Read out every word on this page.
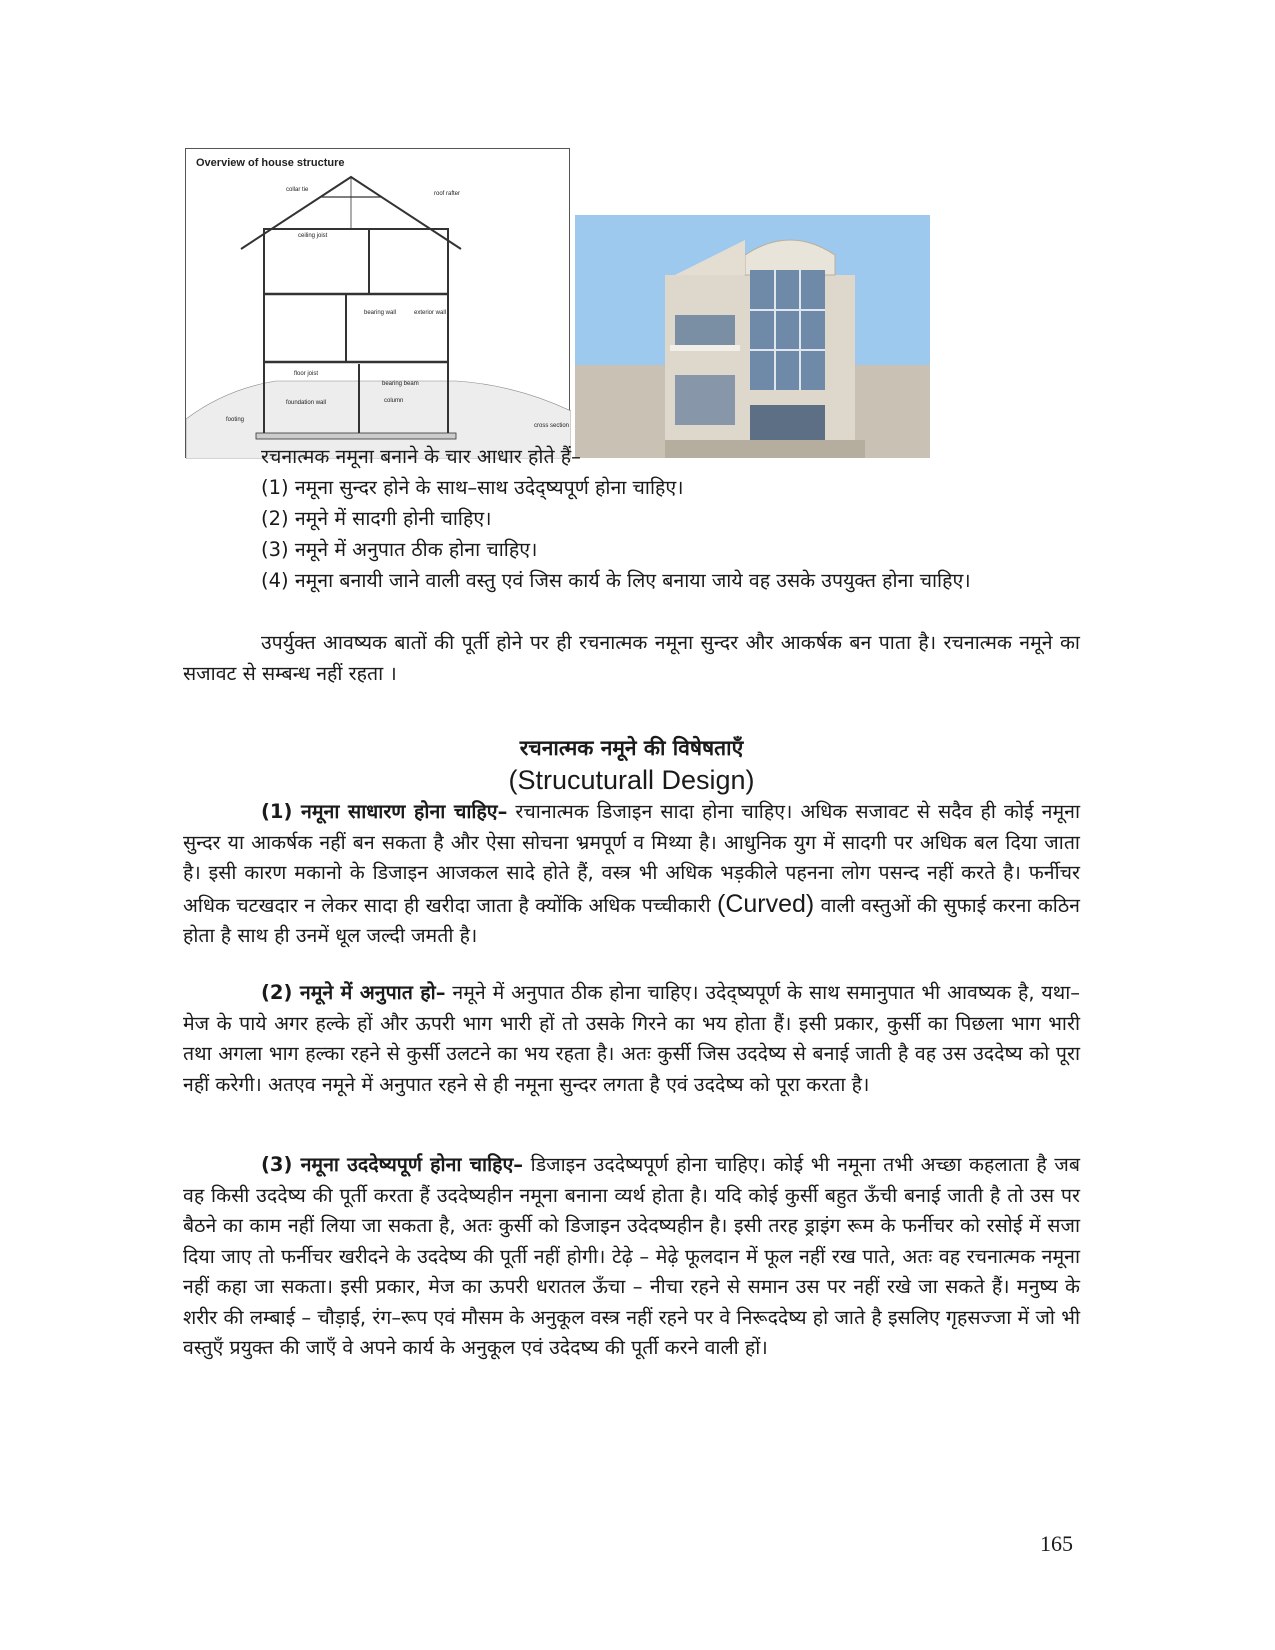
Overview of house structure
collar tie
roof rafter
ceiling joist
bearing wall	exterior wall
floor joist
bearing beam
foundation wall	column
footing
cross section

रचनात्मक नमूना बनाने के चार आधार होते हैं–

(1) नमूना सुन्दर होने के साथ–साथ उदेद्ष्यपूर्ण होना चाहिए।

(2) नमूने में सादगी होनी चाहिए।

(3) नमूने में अनुपात ठीक होना चाहिए।

(4) नमूना बनायी जाने वाली वस्तु एवं जिस कार्य के लिए बनाया जाये वह उसके उपयुक्त होना चाहिए।

उपर्युक्त आवष्यक बातों की पूर्ती होने पर ही रचनात्मक नमूना सुन्दर और आकर्षक बन पाता है। रचनात्मक नमूने का सजावट से सम्बन्ध नहीं रहता ।

रचनात्मक नमूने की विषेषताएँ

(Strucuturall Design)

(1) नमूना साधारण होना चाहिए– रचानात्मक डिजाइन सादा होना चाहिए। अधिक सजावट से सदैव ही कोई नमूना सुन्दर या आकर्षक नहीं बन सकता है और ऐसा सोचना भ्रमपूर्ण व मिथ्या है। आधुनिक युग में सादगी पर अधिक बल दिया जाता है। इसी कारण मकानो के डिजाइन आजकल सादे होते हैं, वस्त्र भी अधिक भड़कीले पहनना लोग पसन्द नहीं करते है। फर्नीचर अधिक चटखदार न लेकर सादा ही खरीदा जाता है क्योंकि अधिक पच्चीकारी (Curved) वाली वस्तुओं की सुफाई करना कठिन होता है साथ ही उनमें धूल जल्दी जमती है।

(2) नमूने में अनुपात हो– नमूने में अनुपात ठीक होना चाहिए। उदेद्ष्यपूर्ण के साथ समानुपात भी आवष्यक है, यथा– मेज के पाये अगर हल्के हों और ऊपरी भाग भारी हों तो उसके गिरने का भय होता हैं। इसी प्रकार, कुर्सी का पिछला भाग भारी तथा अगला भाग हल्का रहने से कुर्सी उलटने का भय रहता है। अतः कुर्सी जिस उददेष्य से बनाई जाती है वह उस उददेष्य को पूरा नहीं करेगी। अतएव नमूने में अनुपात रहने से ही नमूना सुन्दर लगता है एवं उददेष्य को पूरा करता है।

(3) नमूना उददेष्यपूर्ण होना चाहिए– डिजाइन उददेष्यपूर्ण होना चाहिए। कोई भी नमूना तभी अच्छा कहलाता है जब वह किसी उददेष्य की पूर्ती करता हैं उददेष्यहीन नमूना बनाना व्यर्थ होता है। यदि कोई कुर्सी बहुत ऊँची बनाई जाती है तो उस पर बैठने का काम नहीं लिया जा सकता है, अतः कुर्सी को डिजाइन उदेदष्यहीन है। इसी तरह ड्राइंग रूम के फर्नीचर को रसोई में सजा दिया जाए तो फर्नीचर खरीदने के उददेष्य की पूर्ती नहीं होगी। टेढ़े – मेढ़े फूलदान में फूल नहीं रख पाते, अतः वह रचनात्मक नमूना नहीं कहा जा सकता। इसी प्रकार, मेज का ऊपरी धरातल ऊँचा – नीचा रहने से समान उस पर नहीं रखे जा सकते हैं। मनुष्य के शरीर की लम्बाई – चौड़ाई, रंग–रूप एवं मौसम के अनुकूल वस्त्र नहीं रहने पर वे निरूददेष्य हो जाते है इसलिए गृहसज्जा में जो भी वस्तुएँ प्रयुक्त की जाएँ वे अपने कार्य के अनुकूल एवं उदेदष्य की पूर्ती करने वाली हों।

165
